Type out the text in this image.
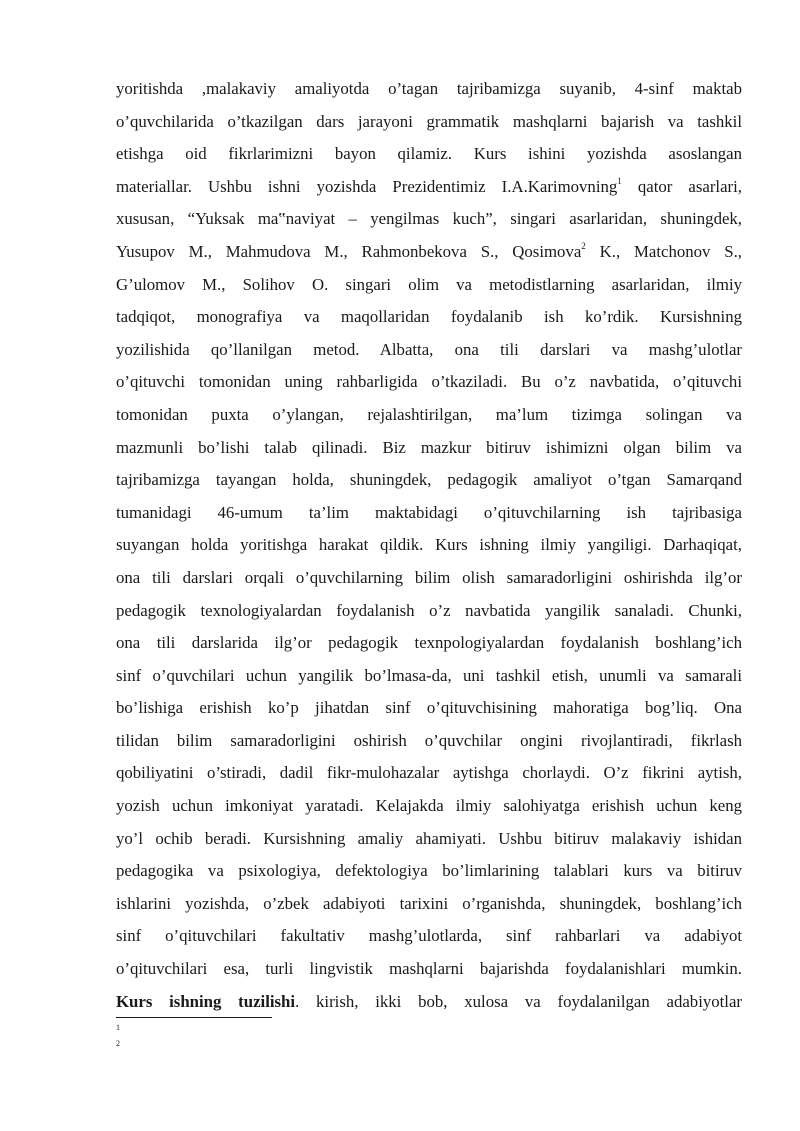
yoritishda ,malakaviy amaliyotda o’tagan tajribamizga suyanib, 4-sinf maktab
o’quvchilarida o’tkazilgan dars jarayoni grammatik mashqlarni bajarish va tashkil
etishga oid fikrlarimizni bayon qilamiz. Kurs ishini yozishda asoslangan
materiallar. Ushbu ishni yozishda Prezidentimiz I.A.Karimovning$^1$ qator asarlari,
xususan, “Yuksak ma‟naviyat – yengilmas kuch”, singari asarlaridan, shuningdek,
Yusupov M., Mahmudova M., Rahmonbekova S., Qosimova$^2$ K., Matchonov S.,
G’ulomov M., Solihov O. singari olim va metodistlarning asarlaridan, ilmiy
tadqiqot, monografiya va maqollaridan foydalanib ish ko’rdik. Kursishning
yozilishida qo’llanilgan metod. Albatta, ona tili darslari va mashg’ulotlar
o’qituvchi tomonidan uning rahbarligida o’tkaziladi. Bu o’z navbatida, o’qituvchi
tomonidan puxta o’ylangan, rejalashtirilgan, ma’lum tizimga solingan va
mazmunli bo’lishi talab qilinadi. Biz mazkur bitiruv ishimizni olgan bilim va
tajribamizga tayangan holda, shuningdek, pedagogik amaliyot o’tgan Samarqand
tumanidagi 46-umum ta’lim maktabidagi o’qituvchilarning ish tajribasiga
suyangan holda yoritishga harakat qildik. Kurs ishning ilmiy yangiligi. Darhaqiqat,
ona tili darslari orqali o’quvchilarning bilim olish samaradorligini oshirishda ilg’or
pedagogik texnologiyalardan foydalanish o’z navbatida yangilik sanaladi. Chunki,
ona tili darslarida ilg’or pedagogik texnpologiyalardan foydalanish boshlang’ich
sinf o’quvchilari uchun yangilik bo’lmasa-da, uni tashkil etish, unumli va samarali
bo’lishiga erishish ko’p jihatdan sinf o’qituvchisining mahoratiga bog’liq. Ona
tilidan bilim samaradorligini oshirish o’quvchilar ongini rivojlantiradi, fikrlash
qobiliyatini o’stiradi, dadil fikr-mulohazalar aytishga chorlaydi. O’z fikrini aytish,
yozish uchun imkoniyat yaratadi. Kelajakda ilmiy salohiyatga erishish uchun keng
yo’l ochib beradi. Kursishning amaliy ahamiyati. Ushbu bitiruv malakaviy ishidan
pedagogika va psixologiya, defektologiya bo’limlarining talablari kurs va bitiruv
ishlarini yozishda, o’zbek adabiyoti tarixini o’rganishda, shuningdek, boshlang’ich
sinf o’qituvchilari fakultativ mashg’ulotlarda, sinf rahbarlari va adabiyot
o’qituvchilari esa, turli lingvistik mashqlarni bajarishda foydalanishlari mumkin.
Kurs ishning tuzilishi. kirish, ikki bob, xulosa va foydalanilgan adabiyotlar
1
2
